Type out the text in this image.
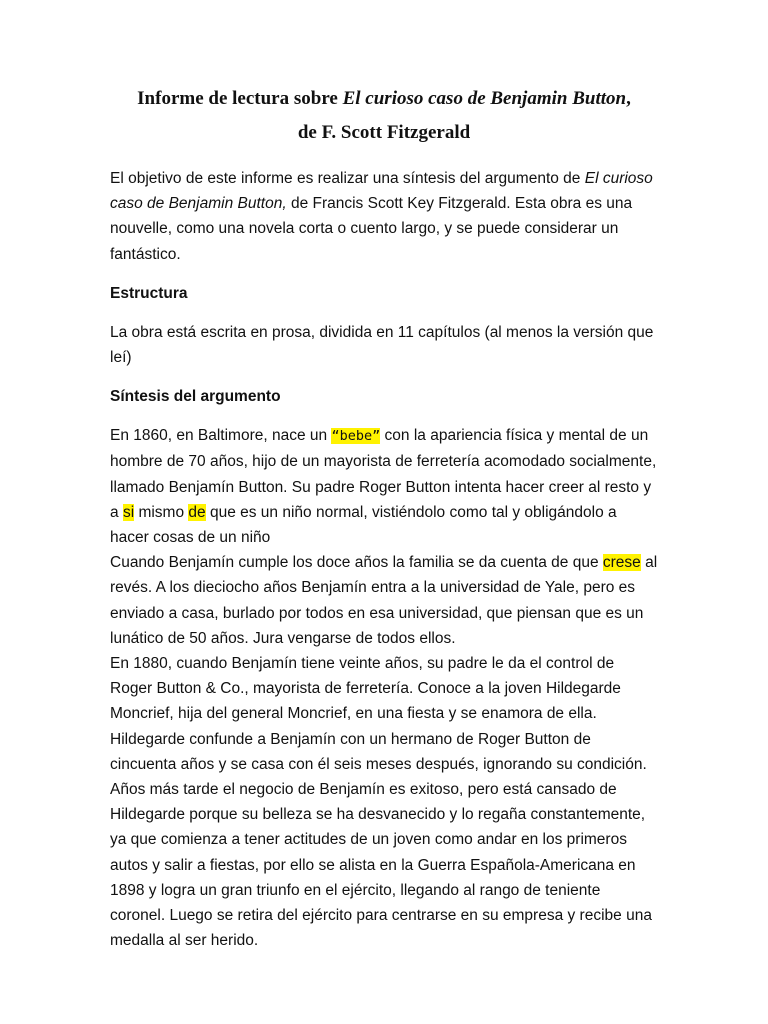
Informe de lectura sobre El curioso caso de Benjamin Button,
de F. Scott Fitzgerald

El objetivo de este informe es realizar una síntesis del argumento de El curioso caso de Benjamin Button, de Francis Scott Key Fitzgerald. Esta obra es una nouvelle, como una novela corta o cuento largo, y se puede considerar un fantástico.

Estructura

La obra está escrita en prosa, dividida en 11 capítulos (al menos la versión que leí)

Síntesis del argumento

En 1860, en Baltimore, nace un “bebe” con la apariencia física y mental de un hombre de 70 años, hijo de un mayorista de ferretería acomodado socialmente, llamado Benjamín Button. Su padre Roger Button intenta hacer creer al resto y a si mismo de que es un niño normal, vistiéndolo como tal y obligándolo a hacer cosas de un niño
Cuando Benjamín cumple los doce años la familia se da cuenta de que crese al revés. A los dieciocho años Benjamín entra a la universidad de Yale, pero es enviado a casa, burlado por todos en esa universidad, que piensan que es un lunático de 50 años. Jura vengarse de todos ellos.
En 1880, cuando Benjamín tiene veinte años, su padre le da el control de Roger Button & Co., mayorista de ferretería. Conoce a la joven Hildegarde Moncrief, hija del general Moncrief, en una fiesta y se enamora de ella. Hildegarde confunde a Benjamín con un hermano de Roger Button de cincuenta años y se casa con él seis meses después, ignorando su condición. Años más tarde el negocio de Benjamín es exitoso, pero está cansado de Hildegarde porque su belleza se ha desvanecido y lo regaña constantemente, ya que comienza a tener actitudes de un joven como andar en los primeros autos y salir a fiestas, por ello se alista en la Guerra Española-Americana en 1898 y logra un gran triunfo en el ejército, llegando al rango de teniente coronel. Luego se retira del ejército para centrarse en su empresa y recibe una medalla al ser herido.
